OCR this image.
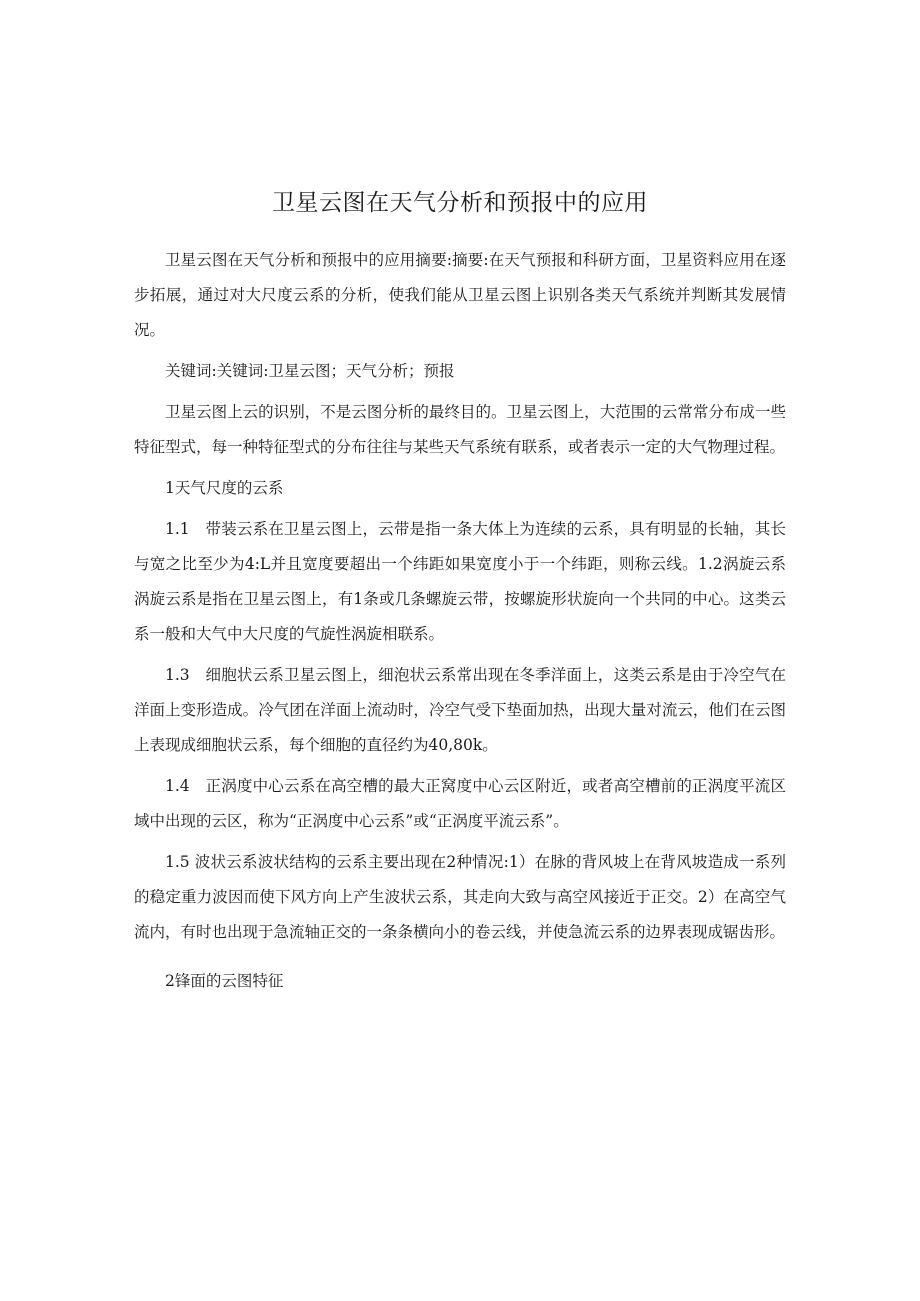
卫星云图在天气分析和预报中的应用

卫星云图在天气分析和预报中的应用摘要:摘要:在天气预报和科研方面，卫星资料应用在逐步拓展，通过对大尺度云系的分析，使我们能从卫星云图上识别各类天气系统并判断其发展情况。

关键词:关键词:卫星云图；天气分析；预报

卫星云图上云的识别，不是云图分析的最终目的。卫星云图上，大范围的云常常分布成一些特征型式，每一种特征型式的分布往往与某些天气系统有联系，或者表示一定的大气物理过程。

1天气尺度的云系

1.1　带装云系在卫星云图上，云带是指一条大体上为连续的云系，具有明显的长轴，其长与宽之比至少为4:L并且宽度要超出一个纬距如果宽度小于一个纬距，则称云线。1.2涡旋云系涡旋云系是指在卫星云图上，有1条或几条螺旋云带，按螺旋形状旋向一个共同的中心。这类云系一般和大气中大尺度的气旋性涡旋相联系。

1.3　细胞状云系卫星云图上，细泡状云系常出现在冬季洋面上，这类云系是由于冷空气在洋面上变形造成。冷气团在洋面上流动时，冷空气受下垫面加热，出现大量对流云，他们在云图上表现成细胞状云系，每个细胞的直径约为40,80k。

1.4　正涡度中心云系在高空槽的最大正窝度中心云区附近，或者高空槽前的正涡度平流区域中出现的云区，称为“正涡度中心云系”或“正涡度平流云系”。

1.5 波状云系波状结构的云系主要出现在2种情况:1）在脉的背风坡上在背风坡造成一系列的稳定重力波因而使下风方向上产生波状云系，其走向大致与高空风接近于正交。2）在高空气流内，有时也出现于急流轴正交的一条条横向小的卷云线，并使急流云系的边界表现成锯齿形。

2锋面的云图特征
